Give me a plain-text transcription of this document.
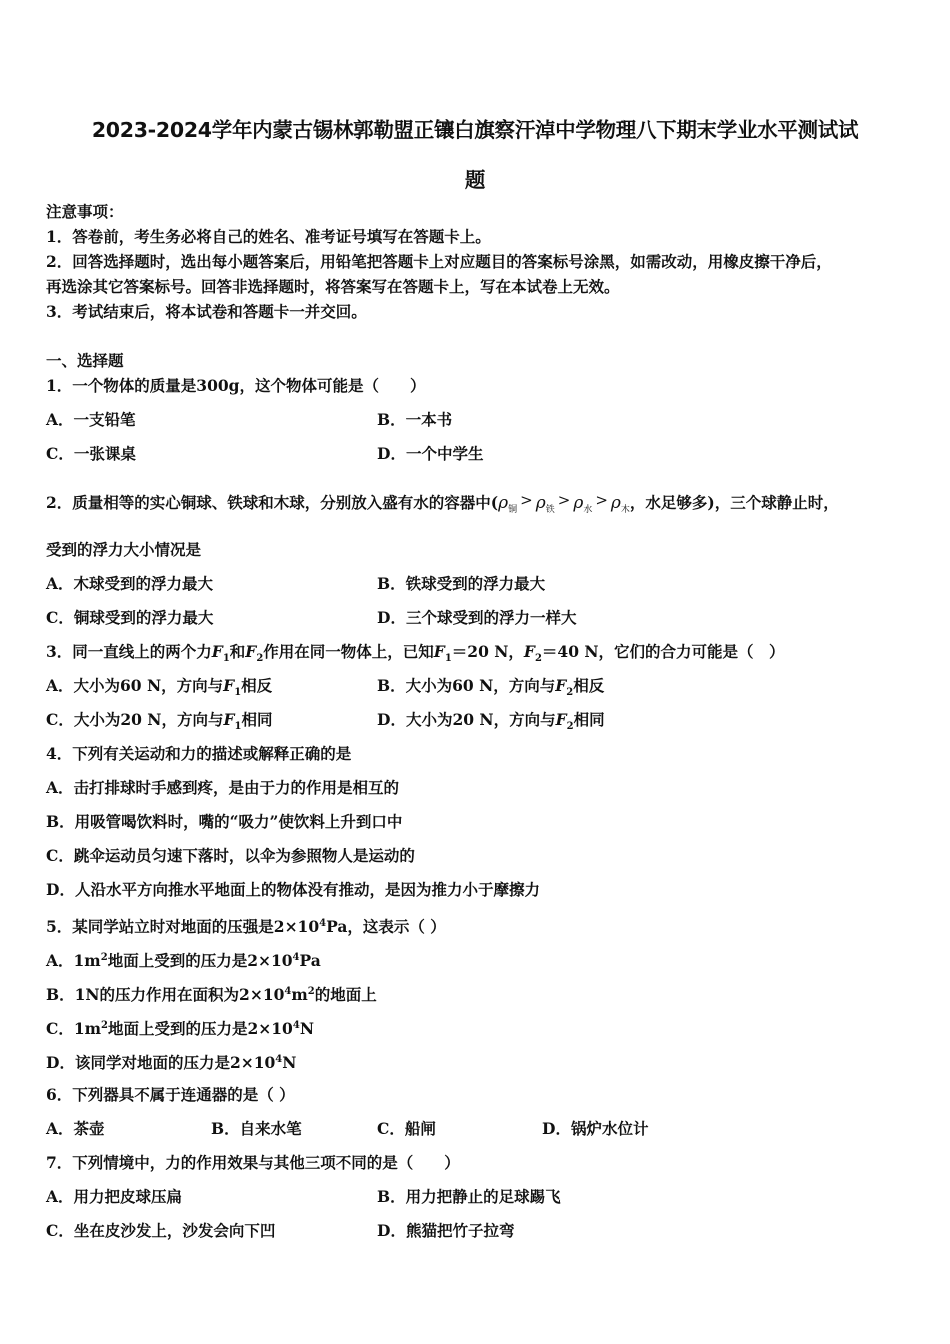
2023-2024学年内蒙古锡林郭勒盟正镶白旗察汗淖中学物理八下期末学业水平测试试
题
注意事项：
1．答卷前，考生务必将自己的姓名、准考证号填写在答题卡上。
2．回答选择题时，选出每小题答案后，用铅笔把答题卡上对应题目的答案标号涂黑，如需改动，用橡皮擦干净后，
再选涂其它答案标号。回答非选择题时，将答案写在答题卡上，写在本试卷上无效。
3．考试结束后，将本试卷和答题卡一并交回。
一、选择题
1．一个物体的质量是300g，这个物体可能是（　　）
A．一支铅笔	B．一本书
C．一张课桌	D．一个中学生
2．质量相等的实心铜球、铁球和木球，分别放入盛有水的容器中($\rho_铜> \rho_铁> \rho_水> \rho_木$，水足够多)，三个球静止时，
受到的浮力大小情况是
A．木球受到的浮力最大	B．铁球受到的浮力最大
C．铜球受到的浮力最大	D．三个球受到的浮力一样大
3．同一直线上的两个力$F_1$和$F_2$作用在同一物体上，已知$F_1=20$ N，$F_2=40$ N，它们的合力可能是（　）
A．大小为60 N，方向与$F_1$相反	B．大小为60 N，方向与$F_2$相反
C．大小为20 N，方向与$F_1$相同	D．大小为20 N，方向与$F_2$相同
4．下列有关运动和力的描述或解释正确的是
A．击打排球时手感到疼，是由于力的作用是相互的
B．用吸管喝饮料时，嘴的“吸力”使饮料上升到口中
C．跳伞运动员匀速下落时，以伞为参照物人是运动的
D．人沿水平方向推水平地面上的物体没有推动，是因为推力小于摩擦力
5．某同学站立时对地面的压强是$2\times 10^4Pa$，这表示（ ）
A．$1m^2$地面上受到的压力是$2\times 10^4Pa$
B．1N的压力作用在面积为$2\times 10^4m^2$的地面上
C．$1m^2$地面上受到的压力是$2\times 10^4N$
D．该同学对地面的压力是$2\times 10^4N$
6．下列器具不属于连通器的是（ ）
A．茶壶	B．自来水笔	C．船闸	D．锅炉水位计
7．下列情境中，力的作用效果与其他三项不同的是（　　）
A．用力把皮球压扁	B．用力把静止的足球踢飞
C．坐在皮沙发上，沙发会向下凹	D．熊猫把竹子拉弯
